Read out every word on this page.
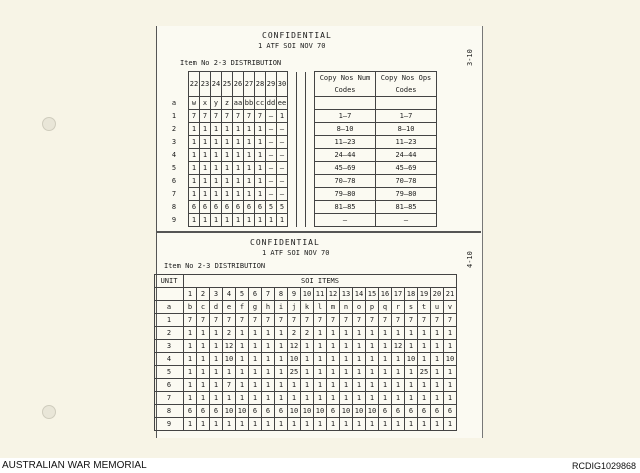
CONFIDENTIAL
1 ATF SOI NOV 70
3-10
Item No 2-3 DISTRIBUTION
	22	23	24	25	26	27	28	29	30				Copy Nos Num Codes	Copy Nos Ops Codes
a	w	x	y	z	aa	bb	cc	dd	ee					
1	7	7	7	7	7	7	7	–	1				1–7	1–7
2	1	1	1	1	1	1	1	–	–				8–10	8–10
3	1	1	1	1	1	1	1	–	–				11–23	11–23
4	1	1	1	1	1	1	1	–	–				24–44	24–44
5	1	1	1	1	1	1	1	–	–				45–69	45–69
6	1	1	1	1	1	1	1	–	–				70–78	70–78
7	1	1	1	1	1	1	1	–	–				79–80	79–80
8	6	6	6	6	6	6	6	5	5				81–85	81–85
9	1	1	1	1	1	1	1	1	1				—	—
CONFIDENTIAL
1 ATF SOI NOV 70	4-10
Item No 2-3 DISTRIBUTION
UNIT	SOI ITEMS																				
	1	2	3	4	5	6	7	8	9	10	11	12	13	14	15	16	17	18	19	20	21
a	b	c	d	e	f	g	h	i	j	k	l	m	n	o	p	q	r	s	t	u	v
1	7	7	7	7	7	7	7	7	7	7	7	7	7	7	7	7	7	7	7	7	7
2	1	1	1	2	1	1	1	1	2	2	1	1	1	1	1	1	1	1	1	1	1
3	1	1	1	12	1	1	1	1	12	1	1	1	1	1	1	1	12	1	1	1	1
4	1	1	1	10	1	1	1	1	10	1	1	1	1	1	1	1	1	10	1	1	10
5	1	1	1	1	1	1	1	1	25	1	1	1	1	1	1	1	1	1	25	1	1
6	1	1	1	7	1	1	1	1	1	1	1	1	1	1	1	1	1	1	1	1	1
7	1	1	1	1	1	1	1	1	1	1	1	1	1	1	1	1	1	1	1	1	1
8	6	6	6	10	10	6	6	6	10	10	10	6	10	10	10	6	6	6	6	6	6
9	1	1	1	1	1	1	1	1	1	1	1	1	1	1	1	1	1	1	1	1	1
AUSTRALIAN WAR MEMORIAL	RCDIG1029868
